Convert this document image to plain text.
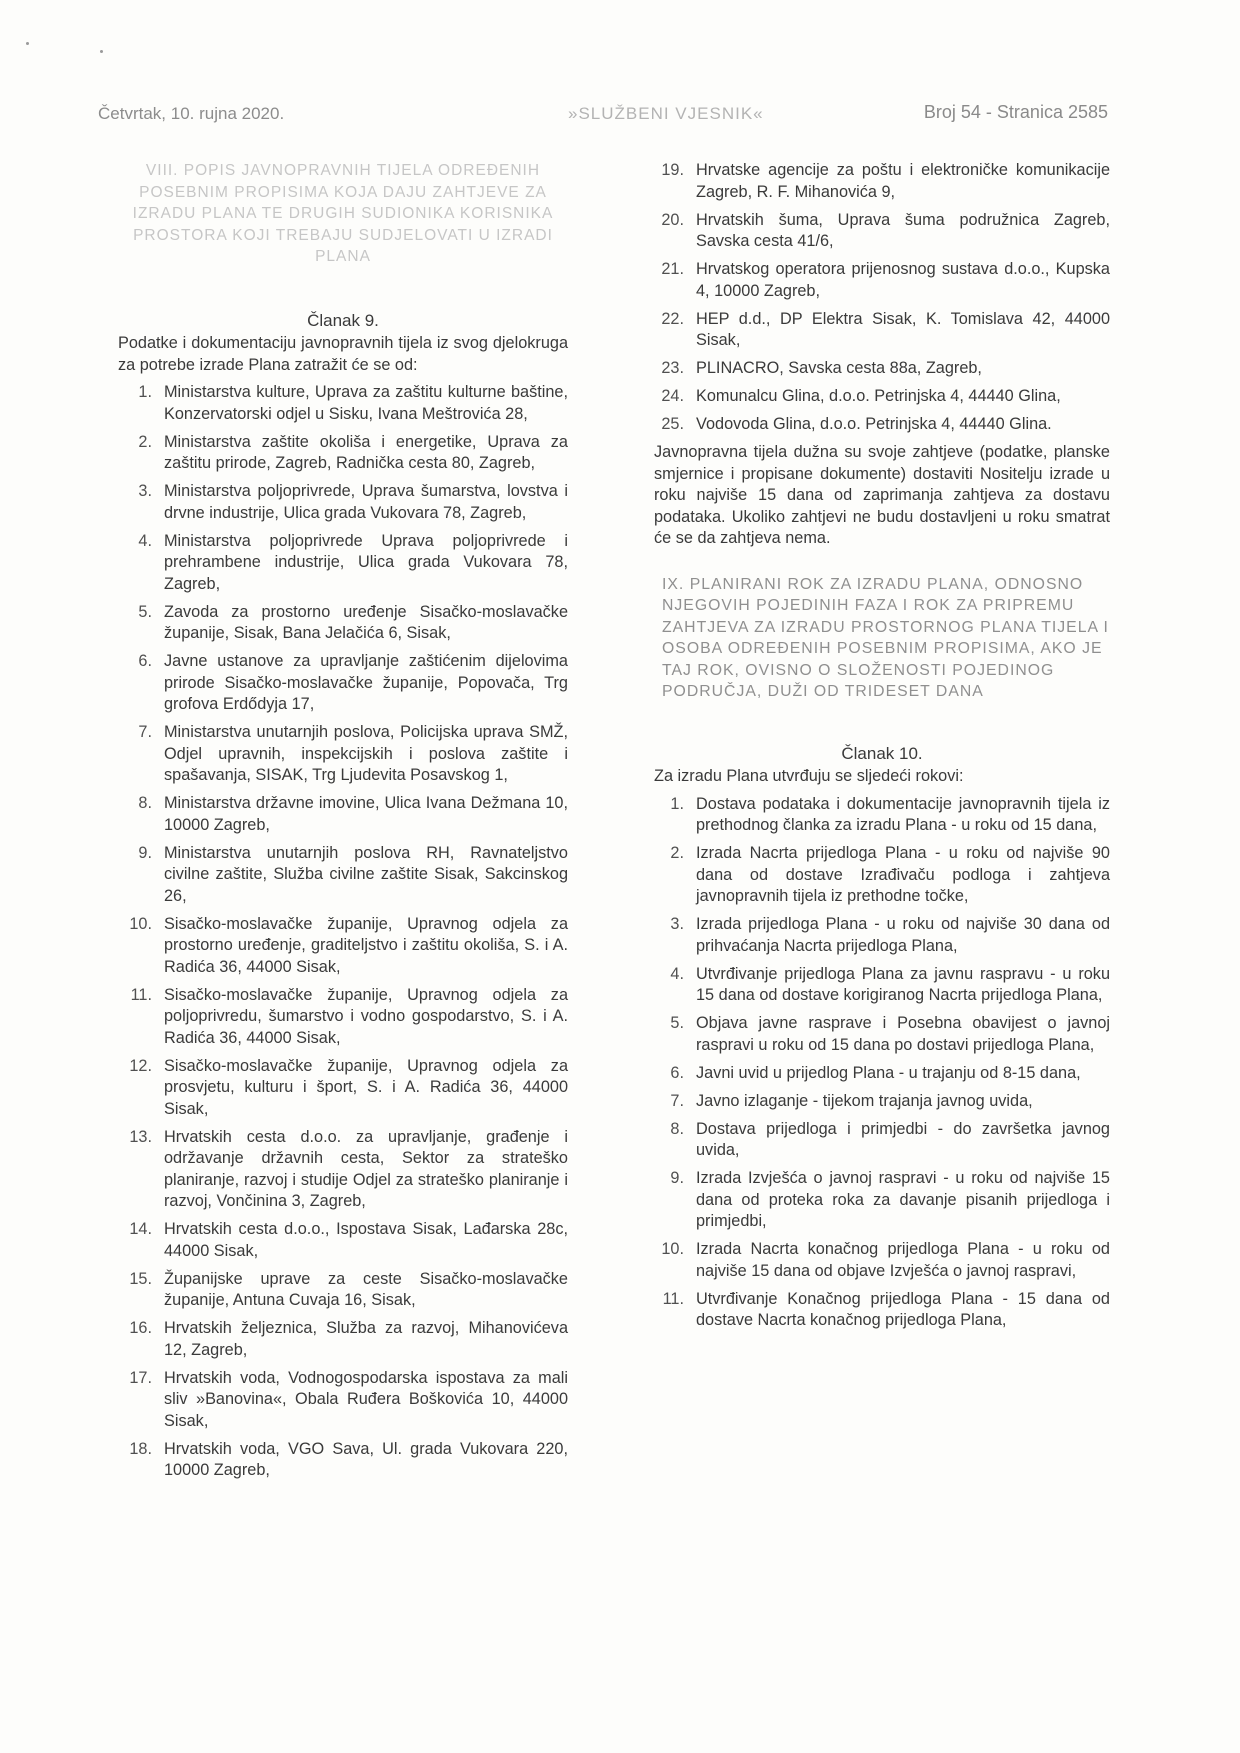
Četvrtak, 10. rujna 2020.	»SLUŽBENI VJESNIK«	Broj 54 - Stranica 2585
VIII. POPIS JAVNOPRAVNIH TIJELA ODREĐENIH POSEBNIM PROPISIMA KOJA DAJU ZAHTJEVE ZA IZRADU PLANA TE DRUGIH SUDIONIKA KORISNIKA PROSTORA KOJI TREBAJU SUDJELOVATI U IZRADI PLANA
Članak 9.
Podatke i dokumentaciju javnopravnih tijela iz svog djelokruga za potrebe izrade Plana zatražit će se od:
1. Ministarstva kulture, Uprava za zaštitu kulturne baštine, Konzervatorski odjel u Sisku, Ivana Meštrovića 28,
2. Ministarstva zaštite okoliša i energetike, Uprava za zaštitu prirode, Zagreb, Radnička cesta 80, Zagreb,
3. Ministarstva poljoprivrede, Uprava šumarstva, lovstva i drvne industrije, Ulica grada Vukovara 78, Zagreb,
4. Ministarstva poljoprivrede Uprava poljoprivrede i prehrambene industrije, Ulica grada Vukovara 78, Zagreb,
5. Zavoda za prostorno uređenje Sisačko-moslavačke županije, Sisak, Bana Jelačića 6, Sisak,
6. Javne ustanove za upravljanje zaštićenim dijelovima prirode Sisačko-moslavačke županije, Popovača, Trg grofova Erdődyja 17,
7. Ministarstva unutarnjih poslova, Policijska uprava SMŽ, Odjel upravnih, inspekcijskih i poslova zaštite i spašavanja, SISAK, Trg Ljudevita Posavskog 1,
8. Ministarstva državne imovine, Ulica Ivana Dežmana 10, 10000 Zagreb,
9. Ministarstva unutarnjih poslova RH, Ravnateljstvo civilne zaštite, Služba civilne zaštite Sisak, Sakcinskog 26,
10. Sisačko-moslavačke županije, Upravnog odjela za prostorno uređenje, graditeljstvo i zaštitu okoliša, S. i A. Radića 36, 44000 Sisak,
11. Sisačko-moslavačke županije, Upravnog odjela za poljoprivredu, šumarstvo i vodno gospodarstvo, S. i A. Radića 36, 44000 Sisak,
12. Sisačko-moslavačke županije, Upravnog odjela za prosvjetu, kulturu i šport, S. i A. Radića 36, 44000 Sisak,
13. Hrvatskih cesta d.o.o. za upravljanje, građenje i održavanje državnih cesta, Sektor za strateško planiranje, razvoj i studije Odjel za strateško planiranje i razvoj, Vončinina 3, Zagreb,
14. Hrvatskih cesta d.o.o., Ispostava Sisak, Lađarska 28c, 44000 Sisak,
15. Županijske uprave za ceste Sisačko-moslavačke županije, Antuna Cuvaja 16, Sisak,
16. Hrvatskih željeznica, Služba za razvoj, Mihanovićeva 12, Zagreb,
17. Hrvatskih voda, Vodnogospodarska ispostava za mali sliv »Banovina«, Obala Ruđera Boškovića 10, 44000 Sisak,
18. Hrvatskih voda, VGO Sava, Ul. grada Vukovara 220, 10000 Zagreb,
19. Hrvatske agencije za poštu i elektroničke komunikacije Zagreb, R. F. Mihanovića 9,
20. Hrvatskih šuma, Uprava šuma podružnica Zagreb, Savska cesta 41/6,
21. Hrvatskog operatora prijenosnog sustava d.o.o., Kupska 4, 10000 Zagreb,
22. HEP d.d., DP Elektra Sisak, K. Tomislava 42, 44000 Sisak,
23. PLINACRO, Savska cesta 88a, Zagreb,
24. Komunalcu Glina, d.o.o. Petrinjska 4, 44440 Glina,
25. Vodovoda Glina, d.o.o. Petrinjska 4, 44440 Glina.
Javnopravna tijela dužna su svoje zahtjeve (podatke, planske smjernice i propisane dokumente) dostaviti Nositelju izrade u roku najviše 15 dana od zaprimanja zahtjeva za dostavu podataka. Ukoliko zahtjevi ne budu dostavljeni u roku smatrat će se da zahtjeva nema.
IX. PLANIRANI ROK ZA IZRADU PLANA, ODNOSNO NJEGOVIH POJEDINIH FAZA I ROK ZA PRIPREMU ZAHTJEVA ZA IZRADU PROSTORNOG PLANA TIJELA I OSOBA ODREĐENIH POSEBNIM PROPISIMA, AKO JE TAJ ROK, OVISNO O SLOŽENOSTI POJEDINOG PODRUČJA, DUŽI OD TRIDESET DANA
Članak 10.
Za izradu Plana utvrđuju se sljedeći rokovi:
1. Dostava podataka i dokumentacije javnopravnih tijela iz prethodnog članka za izradu Plana - u roku od 15 dana,
2. Izrada Nacrta prijedloga Plana - u roku od najviše 90 dana od dostave Izrađivaču podloga i zahtjeva javnopravnih tijela iz prethodne točke,
3. Izrada prijedloga Plana - u roku od najviše 30 dana od prihvaćanja Nacrta prijedloga Plana,
4. Utvrđivanje prijedloga Plana za javnu raspravu - u roku 15 dana od dostave korigiranog Nacrta prijedloga Plana,
5. Objava javne rasprave i Posebna obavijest o javnoj raspravi u roku od 15 dana po dostavi prijedloga Plana,
6. Javni uvid u prijedlog Plana - u trajanju od 8-15 dana,
7. Javno izlaganje - tijekom trajanja javnog uvida,
8. Dostava prijedloga i primjedbi - do završetka javnog uvida,
9. Izrada Izvješća o javnoj raspravi - u roku od najviše 15 dana od proteka roka za davanje pisanih prijedloga i primjedbi,
10. Izrada Nacrta konačnog prijedloga Plana - u roku od najviše 15 dana od objave Izvješća o javnoj raspravi,
11. Utvrđivanje Konačnog prijedloga Plana - 15 dana od dostave Nacrta konačnog prijedloga Plana,
